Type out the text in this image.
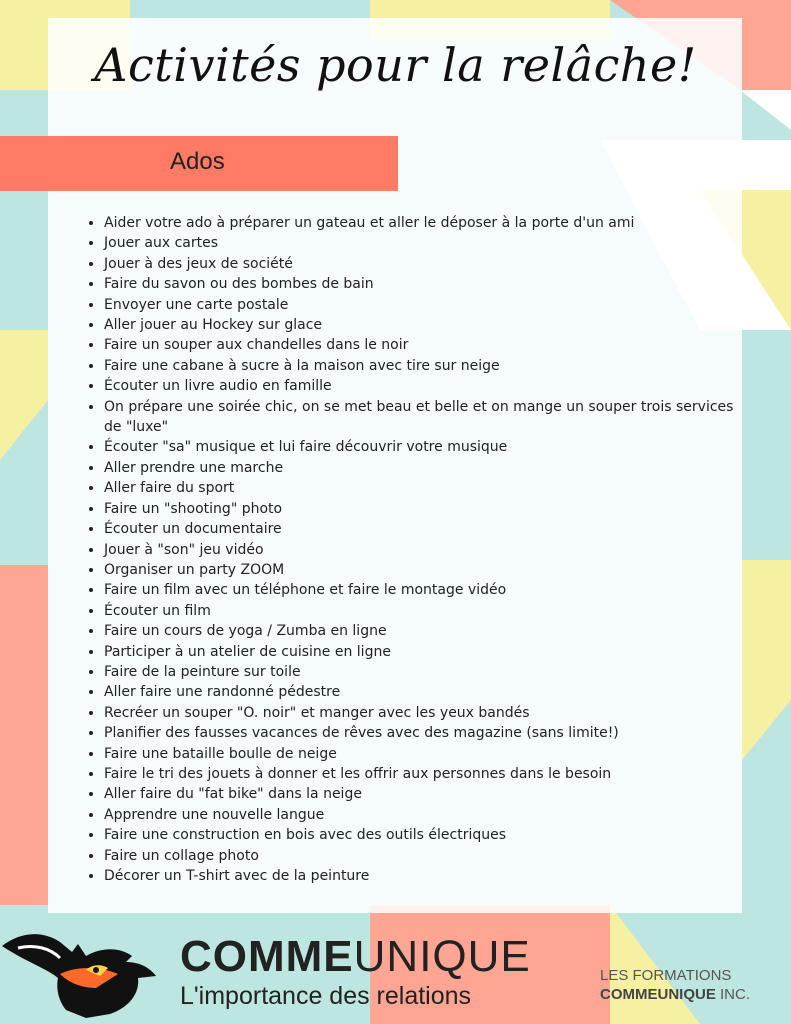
Activités pour la relâche!
Ados
• Aider votre ado à préparer un gateau et aller le déposer à la porte d'un ami
• Jouer aux cartes
• Jouer à des jeux de société
• Faire du savon ou des bombes de bain
• Envoyer une carte postale
• Aller jouer au Hockey sur glace
• Faire un souper aux chandelles dans le noir
• Faire une cabane à sucre à la maison avec tire sur neige
• Écouter un livre audio en famille
• On prépare une soirée chic, on se met beau et belle et on mange un souper trois services de "luxe"
• Écouter "sa" musique et lui faire découvrir votre musique
• Aller prendre une marche
• Aller faire du sport
• Faire un "shooting" photo
• Écouter un documentaire
• Jouer à "son" jeu vidéo
• Organiser un party ZOOM
• Faire un film avec un téléphone et faire le montage vidéo
• Écouter un film
• Faire un cours de yoga / Zumba en ligne
• Participer à un atelier de cuisine en ligne
• Faire de la peinture sur toile
• Aller faire une randonné pédestre
• Recréer un souper "O. noir" et manger avec les yeux bandés
• Planifier des fausses vacances de rêves avec des magazine (sans limite!)
• Faire une bataille boulle de neige
• Faire le tri des jouets à donner et les offrir aux personnes dans le besoin
• Aller faire du "fat bike" dans la neige
• Apprendre une nouvelle langue
• Faire une construction en bois avec des outils électriques
• Faire un collage photo
• Décorer un T-shirt avec de la peinture
COMMEUNIQUE
L'importance des relations
LES FORMATIONS
COMMEUNIQUE INC.
